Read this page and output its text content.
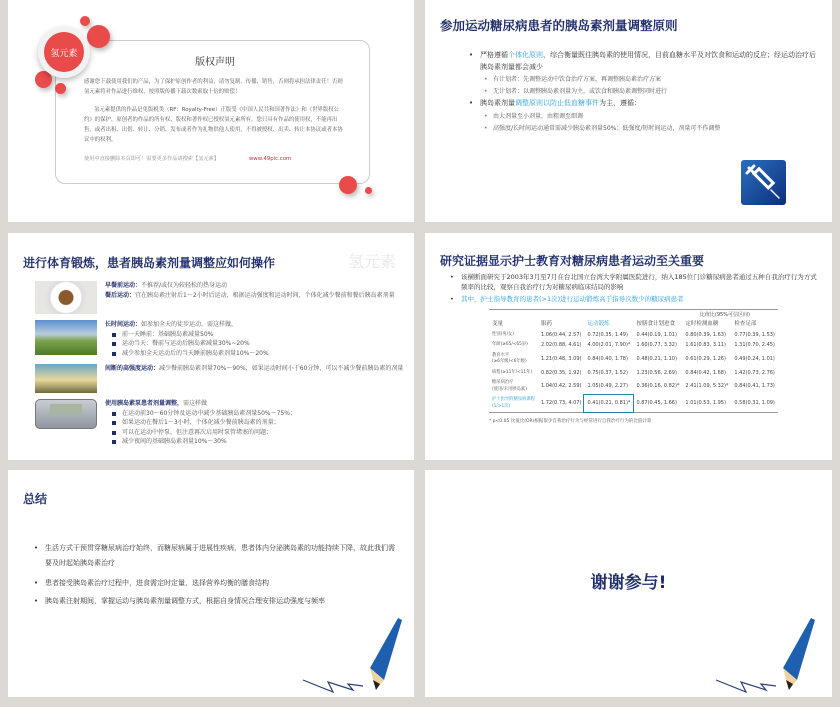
氢元素
版权声明
感谢您下载使用我们的产品，为了保护原创作者的利益，请勿复制、传播、销售，否则将承担法律责任！否则氢元素将对作品进行维权，按照版传播下载次数索取十倍的赔偿！
氢元素提供的作品是免版税类（RF：Royalty-Free）正版受《中国人民共和国著作法》和《世界版权公约》的保护，原创者的作品的所有权、版权和著作权已授权氢元素所有，您只具有作品的使用权，不能再出售，或者出租、出借、转让、分销、发布或者作为礼物供他人使用，不得被授权、出卖、转让本协议或者本协议中的权利。
使用中直接删除本页即可！需要更多作品请搜索【氢元素】	www.49pic.com
参加运动糖尿病患者的胰岛素剂量调整原则
• 严格遵循个体化原则，综合衡量既往胰岛素的使用情况，目前血糖水平及对饮食和运动的反应；经运动治疗后胰岛素剂量都会减少
• 有计划者：先调整运动中饮食治疗方案，再调整胰岛素治疗方案
• 无计划者：以调整胰岛素剂量为主，或饮食和胰岛素调整同时进行
• 胰岛素剂量调整原则以防止低血糖事件为主，遵循：
• 由大剂量至小剂量，由粗调至细调
• 高强度/长时间运动通常需减少胰岛素剂量50%；低强度/短时间运动，剂量可不作调整
进行体育锻炼，患者胰岛素剂量调整应如何操作	氢元素
早餐前运动：不推荐/或仅为较轻松的热身运动
餐后运动：宜在胰岛素注射后1～2小时后运动，根据运动强度和运动时间，个体化减少餐前和餐后胰岛素剂量
长时间运动：如参加全天的徒步运动，需这样做，
前一天睡前：基础胰岛素减量50%
运动当天：餐前与运动后胰岛素减量30%~20%
减少参加全天运动后的当天睡前胰岛素剂量10%～20%
间断的高强度运动：减少餐前胰岛素剂量70%～90%，如果运动时间小于60分钟，可以不减少餐前胰岛素的剂量
使用胰岛素泵患者剂量调整，需这样做
在运动前30～60分钟及运动中减少基础胰岛素剂量50%～75%；
如果运动在餐后1～3小时，个体化减少餐前胰岛素的剂量；
可以在运动中停泵，但注意再次启用时泵管堵塞的问题；
减少夜间的基础胰岛素剂量10%～30%
研究证据显示护士教育对糖尿病患者运动至关重要
• 该横断面研究于2003年3月至7月在台北国立台湾大学附属医院进行，纳入185位门诊糖尿病患者通过五种自我治疗行为方式频率的比较，观察自我治疗行为对糖尿病临床结局的影响
• 其中，护士指导教育的患者(>1次)进行运动锻炼高于指导次数少的糖尿病患者
比值比(95%可信区间)
变量	服药	运动锻炼	按膳食计划进食	定时检测血糖	检查足部
性别(男/女)	1.06(0.44, 2.57)	0.72(0.35, 1.49)	0.44(0.19, 1.01)	0.80(0.39, 1.63)	0.77(0.39, 1.53)
年龄(≥65/<65岁)	2.02(0.88, 4.61)	4.00(2.01, 7.90)*	1.60(0.77, 3.32)	1.61(0.83, 3.11)	1.31(0.70, 2.45)
教育水平
(≥6年级/<6年级)	1.21(0.48, 3.09)	0.84(0.40, 1.78)	0.48(0.21, 1.10)	0.61(0.29, 1.26)	0.49(0.24, 1.01)
病程(≥11年/<11年)	0.82(0.35, 1.92)	0.75(0.37, 1.52)	1.23(0.56, 2.69)	0.84(0.42, 1.68)	1.42(0.73, 2.76)
糖尿病治疗
(使用/未用胰岛素)	1.04(0.42, 2.59)	1.05(0.49, 2.27)	0.36(0.16, 0.82)*	2.41(1.09, 5.32)*	0.84(0.41, 1.73)
护士指导的糖尿病课程
(1/>1次)	1.72(0.73, 4.07)	0.41(0.21, 0.81)*	0.87(0.45, 1.66)	1.01(0.53, 1.95)	0.58(0.31, 1.09)
* p<0.05 比值比(OR)根据很少自我治疗行为与经常进行自我治疗行为的比值计算
总结
• 生活方式干预贯穿糖尿病治疗始终，而糖尿病属于进展性疾病，患者体内分泌胰岛素的功能持续下降，故此我们需要及时起始胰岛素治疗
• 患者接受胰岛素治疗过程中，进食需定时定量，选择营养均衡的膳食结构
• 胰岛素注射期间，掌握运动与胰岛素剂量调整方式，根据自身情况合理安排运动强度与频率
谢谢参与!
